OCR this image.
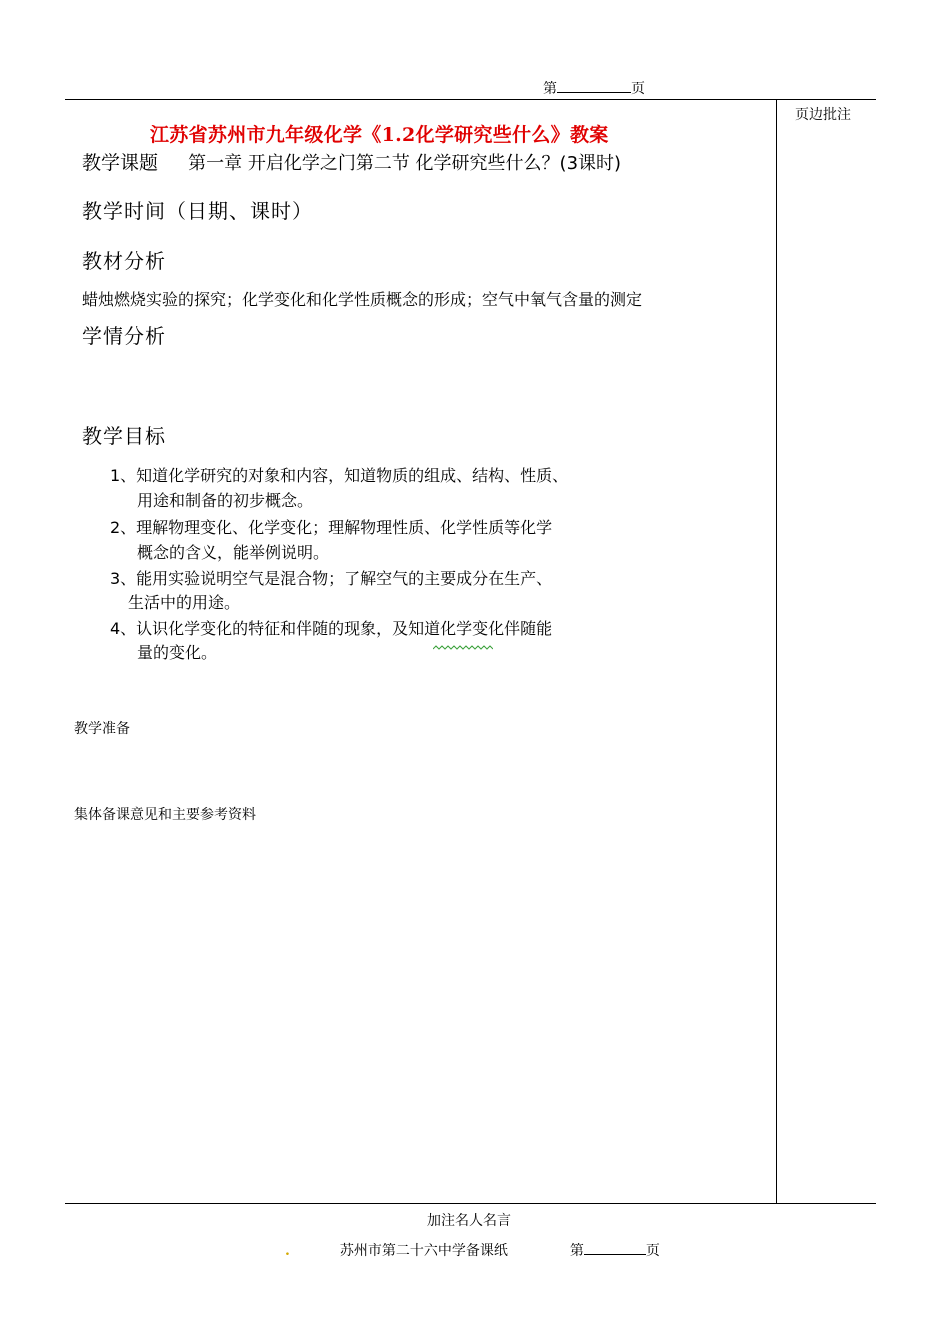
第	页
页边批注
江苏省苏州市九年级化学《1.2化学研究些什么》教案
教学课题 第一章 开启化学之门第二节 化学研究些什么？(3课时)
教学时间（日期、课时）
教材分析
蜡烛燃烧实验的探究；化学变化和化学性质概念的形成；空气中氧气含量的测定
学情分析
教学目标
1、知道化学研究的对象和内容，知道物质的组成、结构、性质、
用途和制备的初步概念。
2、理解物理变化、化学变化；理解物理性质、化学性质等化学
概念的含义，能举例说明。
3、能用实验说明空气是混合物；了解空气的主要成分在生产、
生活中的用途。
4、认识化学变化的特征和伴随的现象，及知道化学变化伴随能
量的变化。
教学准备
集体备课意见和主要参考资料
加注名人名言
.	苏州市第二十六中学备课纸	第	页
